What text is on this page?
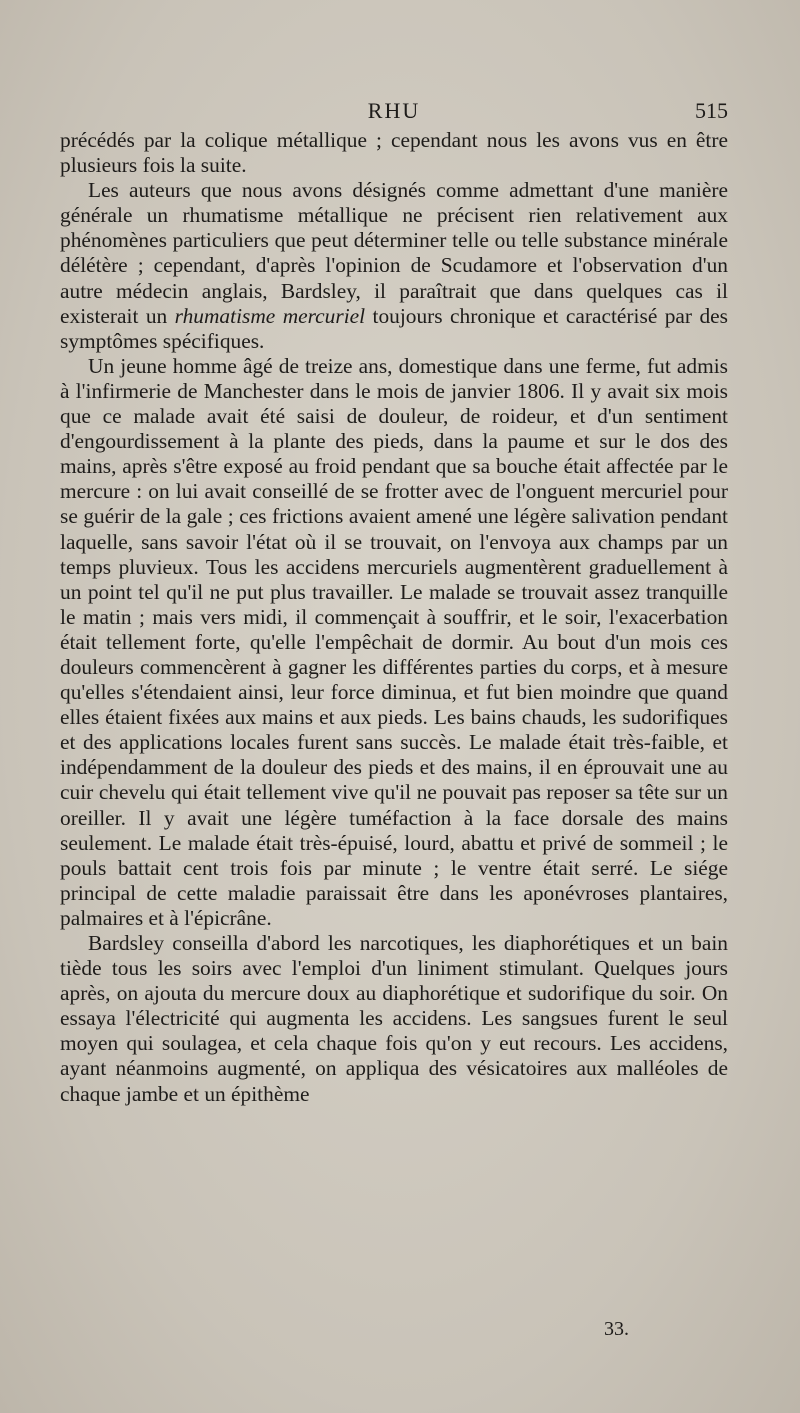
RHU	515

précédés par la colique métallique ; cependant nous les avons vus en être plusieurs fois la suite.

Les auteurs que nous avons désignés comme admettant d'une manière générale un rhumatisme métallique ne précisent rien relativement aux phénomènes particuliers que peut déterminer telle ou telle substance minérale délétère ; cependant, d'après l'opinion de Scudamore et l'observation d'un autre médecin anglais, Bardsley, il paraîtrait que dans quelques cas il existerait un rhumatisme mercuriel toujours chronique et caractérisé par des symptômes spécifiques.

Un jeune homme âgé de treize ans, domestique dans une ferme, fut admis à l'infirmerie de Manchester dans le mois de janvier 1806. Il y avait six mois que ce malade avait été saisi de douleur, de roideur, et d'un sentiment d'engourdissement à la plante des pieds, dans la paume et sur le dos des mains, après s'être exposé au froid pendant que sa bouche était affectée par le mercure : on lui avait conseillé de se frotter avec de l'onguent mercuriel pour se guérir de la gale ; ces frictions avaient amené une légère salivation pendant laquelle, sans savoir l'état où il se trouvait, on l'envoya aux champs par un temps pluvieux. Tous les accidens mercuriels augmentèrent graduellement à un point tel qu'il ne put plus travailler. Le malade se trouvait assez tranquille le matin ; mais vers midi, il commençait à souffrir, et le soir, l'exacerbation était tellement forte, qu'elle l'empêchait de dormir. Au bout d'un mois ces douleurs commencèrent à gagner les différentes parties du corps, et à mesure qu'elles s'étendaient ainsi, leur force diminua, et fut bien moindre que quand elles étaient fixées aux mains et aux pieds. Les bains chauds, les sudorifiques et des applications locales furent sans succès. Le malade était très-faible, et indépendamment de la douleur des pieds et des mains, il en éprouvait une au cuir chevelu qui était tellement vive qu'il ne pouvait pas reposer sa tête sur un oreiller. Il y avait une légère tuméfaction à la face dorsale des mains seulement. Le malade était très-épuisé, lourd, abattu et privé de sommeil ; le pouls battait cent trois fois par minute ; le ventre était serré. Le siége principal de cette maladie paraissait être dans les aponévroses plantaires, palmaires et à l'épicrâne.

Bardsley conseilla d'abord les narcotiques, les diaphorétiques et un bain tiède tous les soirs avec l'emploi d'un liniment stimulant. Quelques jours après, on ajouta du mercure doux au diaphorétique et sudorifique du soir. On essaya l'électricité qui augmenta les accidens. Les sangsues furent le seul moyen qui soulagea, et cela chaque fois qu'on y eut recours. Les accidens, ayant néanmoins augmenté, on appliqua des vésicatoires aux malléoles de chaque jambe et un épithème

33.
